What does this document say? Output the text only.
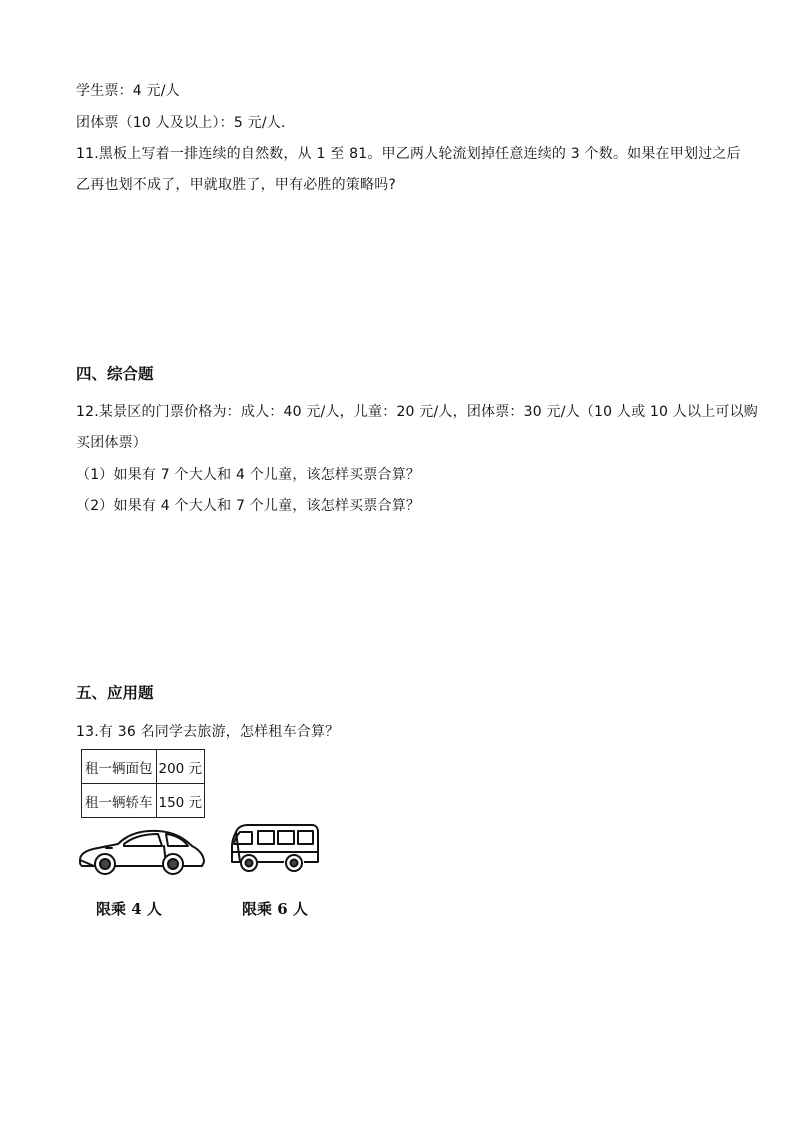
学生票：4 元/人
团体票（10 人及以上）：5 元/人．
11.黑板上写着一排连续的自然数，从 1 至 81。甲乙两人轮流划掉任意连续的 3 个数。如果在甲划过之后
乙再也划不成了，甲就取胜了，甲有必胜的策略吗?
四、综合题
12.某景区的门票价格为：成人：40 元/人，儿童：20 元/人，团体票：30 元/人（10 人或 10 人以上可以购
买团体票）
（1）如果有 7 个大人和 4 个儿童，该怎样买票合算？
（2）如果有 4 个大人和 7 个儿童，该怎样买票合算？
五、应用题
13.有 36 名同学去旅游，怎样租车合算？
租一辆面包	200 元
租一辆轿车	150 元
限乘 4 人	限乘 6 人
